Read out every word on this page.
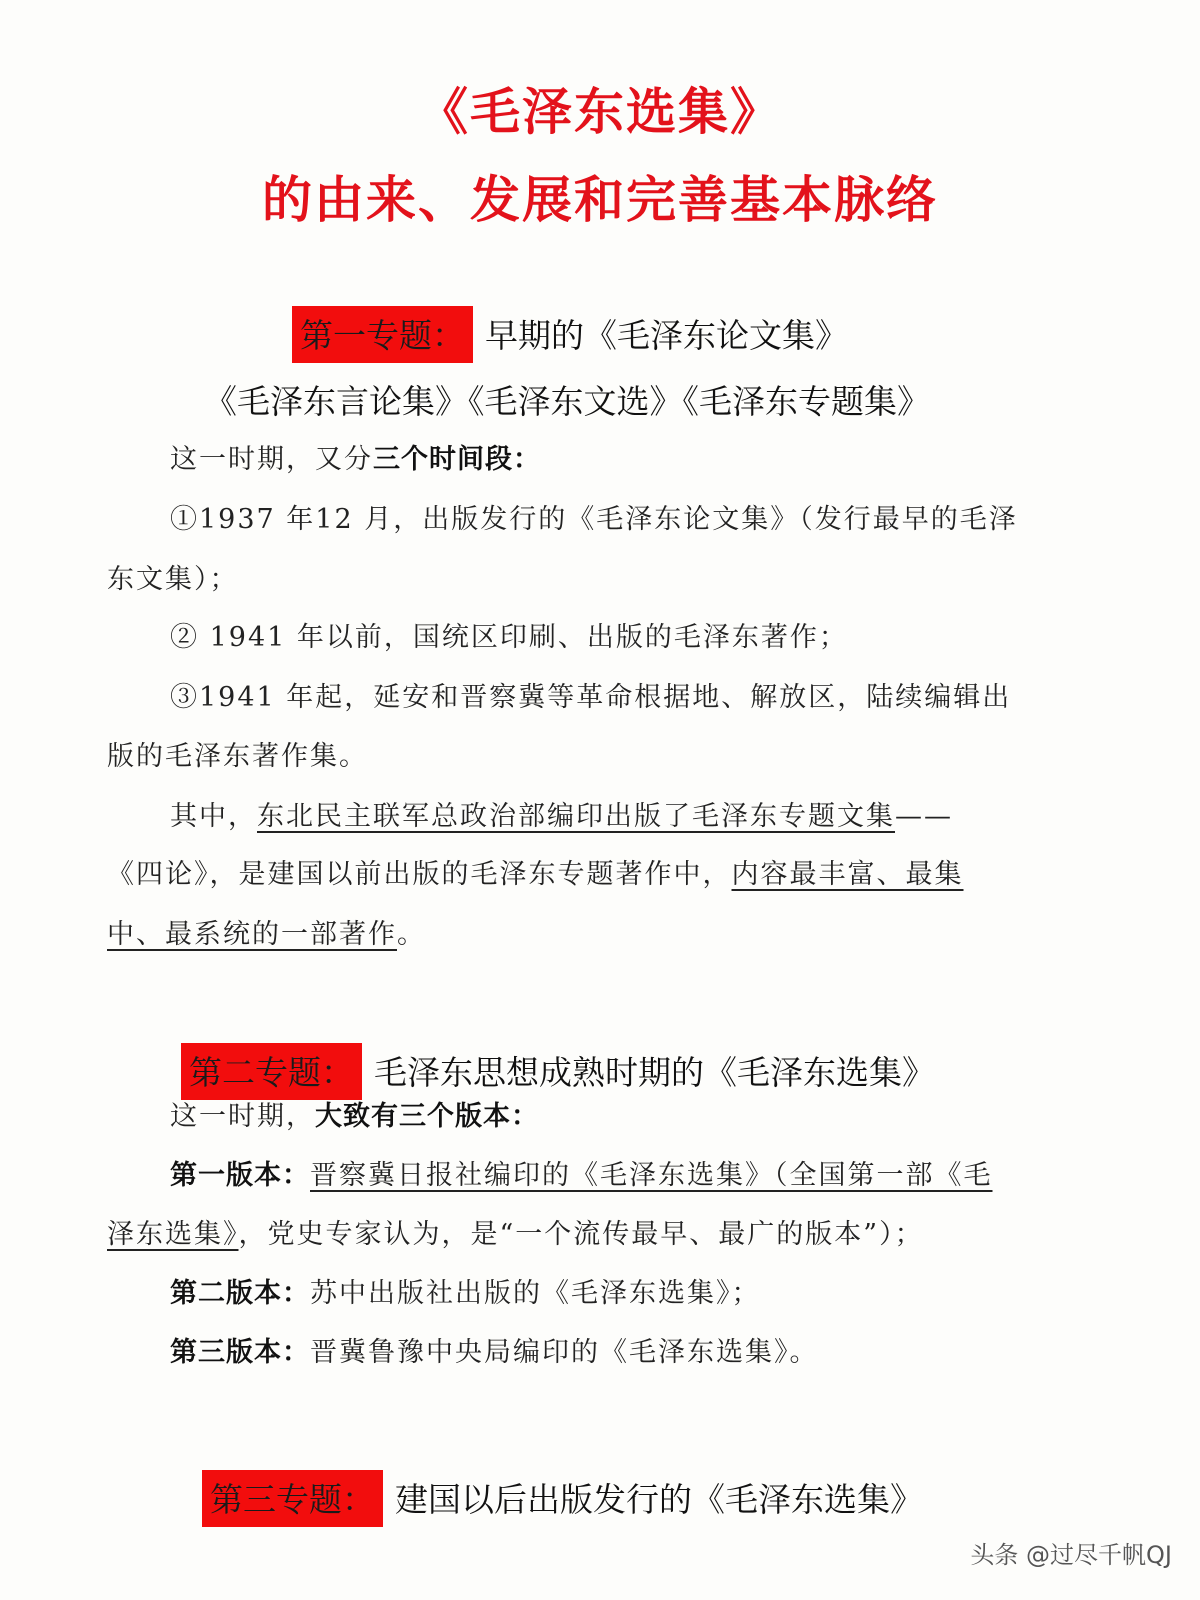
《毛泽东选集》
的由来、发展和完善基本脉络
第一专题： 早期的《毛泽东论文集》
《毛泽东言论集》《毛泽东文选》《毛泽东专题集》
这一时期，又分三个时间段：
①1937 年12 月，出版发行的《毛泽东论文集》（发行最早的毛泽
东文集）；
② 1941 年以前，国统区印刷、出版的毛泽东著作；
③1941 年起，延安和晋察冀等革命根据地、解放区，陆续编辑出
版的毛泽东著作集。
其中，东北民主联军总政治部编印出版了毛泽东专题文集——
《四论》，是建国以前出版的毛泽东专题著作中，内容最丰富、最集
中、最系统的一部著作。
第二专题： 毛泽东思想成熟时期的《毛泽东选集》
这一时期，大致有三个版本：
第一版本：晋察冀日报社编印的《毛泽东选集》（全国第一部《毛
泽东选集》，党史专家认为，是“一个流传最早、最广的版本”）；
第二版本：苏中出版社出版的《毛泽东选集》；
第三版本：晋冀鲁豫中央局编印的《毛泽东选集》。
第三专题： 建国以后出版发行的《毛泽东选集》
头条 @过尽千帆QJ
